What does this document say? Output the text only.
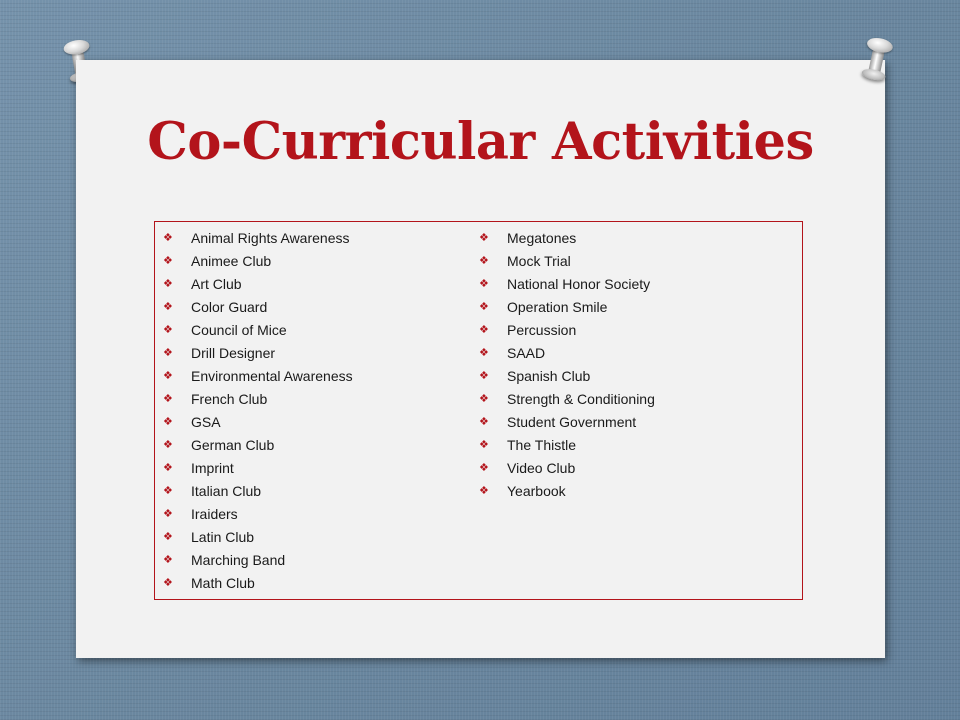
Co-Curricular Activities
❖	Animal Rights Awareness
❖	Animee Club
❖	Art Club
❖	Color Guard
❖	Council of Mice
❖	Drill Designer
❖	Environmental Awareness
❖	French Club
❖	GSA
❖	German Club
❖	Imprint
❖	Italian Club
❖	Iraiders
❖	Latin Club
❖	Marching Band
❖	Math Club
❖	Megatones
❖	Mock Trial
❖	National Honor Society
❖	Operation Smile
❖	Percussion
❖	SAAD
❖	Spanish Club
❖	Strength & Conditioning
❖	Student Government
❖	The Thistle
❖	Video Club
❖	Yearbook
